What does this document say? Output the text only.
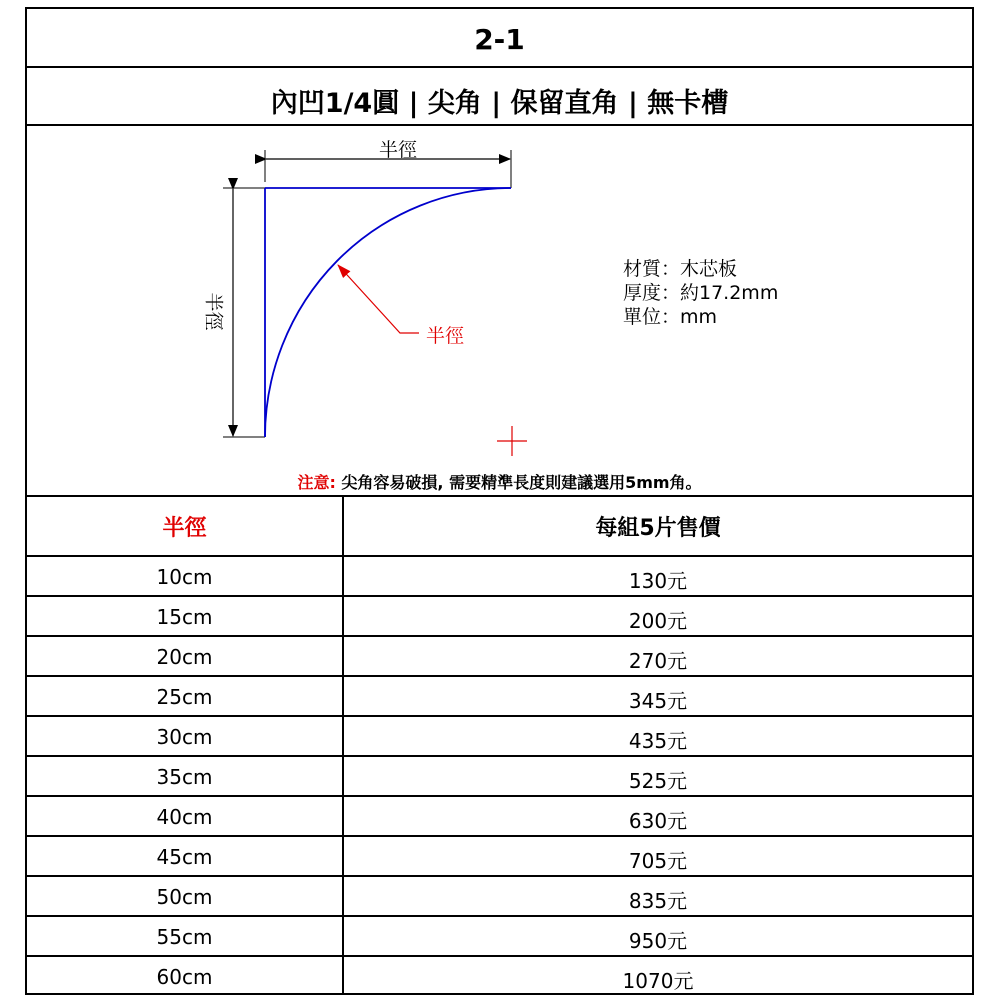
2-1
內凹1/4圓 | 尖角 | 保留直角 | 無卡槽
半徑
半徑
半徑
材質：木芯板
厚度：約17.2mm
單位：mm
注意: 尖角容易破損, 需要精準長度則建議選用5mm角。
半徑	每組5片售價
10cm	130元
15cm	200元
20cm	270元
25cm	345元
30cm	435元
35cm	525元
40cm	630元
45cm	705元
50cm	835元
55cm	950元
60cm	1070元
